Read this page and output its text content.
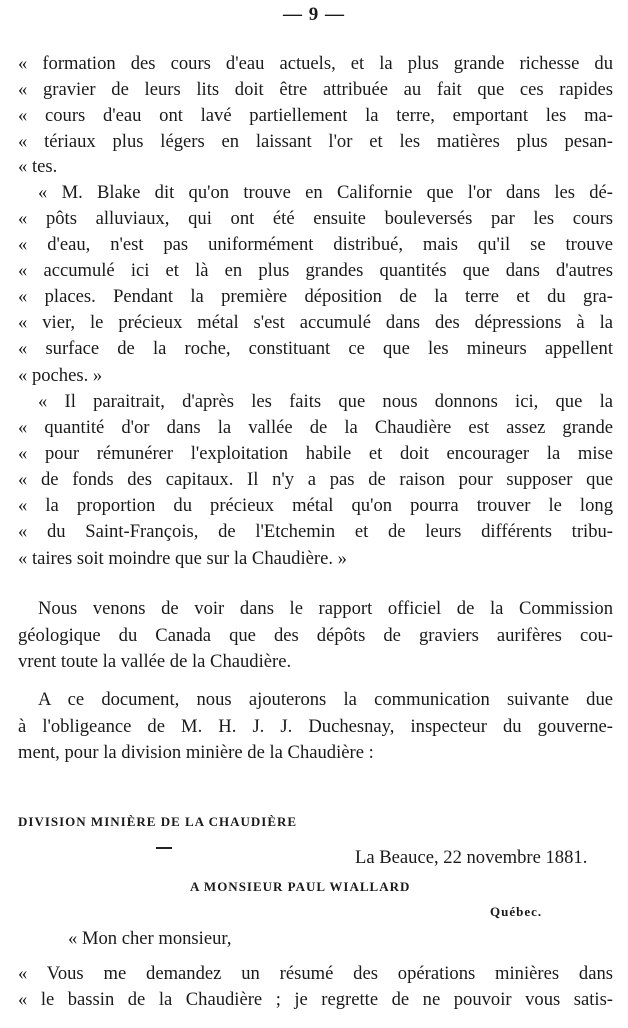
— 9 —
« formation des cours d'eau actuels, et la plus grande richesse du
« gravier de leurs lits doit être attribuée au fait que ces rapides
« cours d'eau ont lavé partiellement la terre, emportant les ma-
« tériaux plus légers en laissant l'or et les matières plus pesan-
« tes.
« M. Blake dit qu'on trouve en Californie que l'or dans les dé-
« pôts alluviaux, qui ont été ensuite bouleversés par les cours
« d'eau, n'est pas uniformément distribué, mais qu'il se trouve
« accumulé ici et là en plus grandes quantités que dans d'autres
« places. Pendant la première déposition de la terre et du gra-
« vier, le précieux métal s'est accumulé dans des dépressions à la
« surface de la roche, constituant ce que les mineurs appellent
« poches. »
« Il paraitrait, d'après les faits que nous donnons ici, que la
« quantité d'or dans la vallée de la Chaudière est assez grande
« pour rémunérer l'exploitation habile et doit encourager la mise
« de fonds des capitaux. Il n'y a pas de raison pour supposer que
« la proportion du précieux métal qu'on pourra trouver le long
« du Saint-François, de l'Etchemin et de leurs différents tribu-
« taires soit moindre que sur la Chaudière. »
Nous venons de voir dans le rapport officiel de la Commission
géologique du Canada que des dépôts de graviers aurifères cou-
vrent toute la vallée de la Chaudière.
A ce document, nous ajouterons la communication suivante due
à l'obligeance de M. H. J. J. Duchesnay, inspecteur du gouverne-
ment, pour la division minière de la Chaudière :
DIVISION MINIÈRE DE LA CHAUDIÈRE
La Beauce, 22 novembre 1881.
A MONSIEUR PAUL WIALLARD
Québec.
« Mon cher monsieur,
« Vous me demandez un résumé des opérations minières dans
« le bassin de la Chaudière ; je regrette de ne pouvoir vous satis-
